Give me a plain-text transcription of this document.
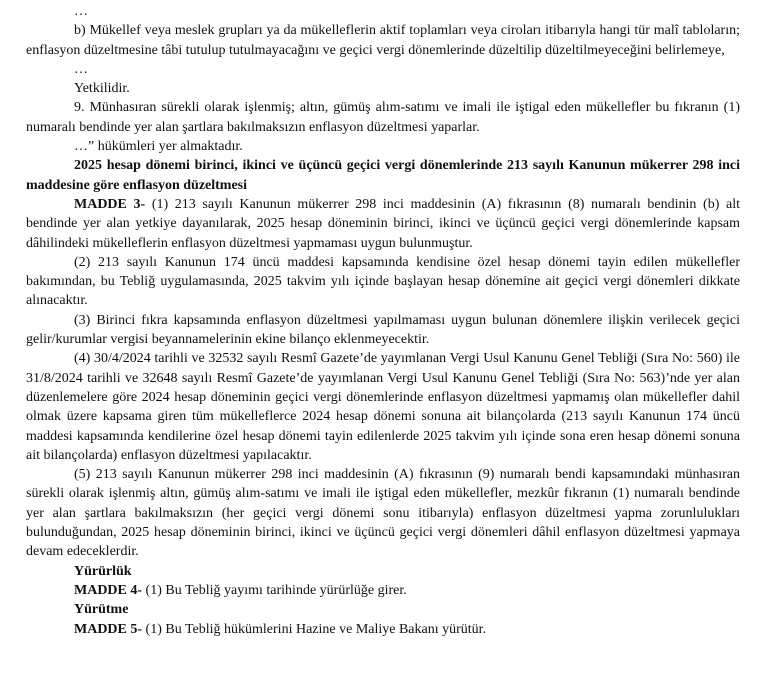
…

b) Mükellef veya meslek grupları ya da mükelleflerin aktif toplamları veya ciroları itibarıyla hangi tür malî tabloların; enflasyon düzeltmesine tâbi tutulup tutulmayacağını ve geçici vergi dönemlerinde düzeltilip düzeltilmeyeceğini belirlemeye,

…

Yetkilidir.

9. Münhasıran sürekli olarak işlenmiş; altın, gümüş alım-satımı ve imali ile iştigal eden mükellefler bu fıkranın (1) numaralı bendinde yer alan şartlara bakılmaksızın enflasyon düzeltmesi yaparlar.

…” hükümleri yer almaktadır.

2025 hesap dönemi birinci, ikinci ve üçüncü geçici vergi dönemlerinde 213 sayılı Kanunun mükerrer 298 inci maddesine göre enflasyon düzeltmesi

MADDE 3- (1) 213 sayılı Kanunun mükerrer 298 inci maddesinin (A) fıkrasının (8) numaralı bendinin (b) alt bendinde yer alan yetkiye dayanılarak, 2025 hesap döneminin birinci, ikinci ve üçüncü geçici vergi dönemlerinde kapsam dâhilindeki mükelleflerin enflasyon düzeltmesi yapmaması uygun bulunmuştur.

(2) 213 sayılı Kanunun 174 üncü maddesi kapsamında kendisine özel hesap dönemi tayin edilen mükellefler bakımından, bu Tebliğ uygulamasında, 2025 takvim yılı içinde başlayan hesap dönemine ait geçici vergi dönemleri dikkate alınacaktır.

(3) Birinci fıkra kapsamında enflasyon düzeltmesi yapılmaması uygun bulunan dönemlere ilişkin verilecek geçici gelir/kurumlar vergisi beyannamelerinin ekine bilanço eklenmeyecektir.

(4) 30/4/2024 tarihli ve 32532 sayılı Resmî Gazete’de yayımlanan Vergi Usul Kanunu Genel Tebliği (Sıra No: 560) ile 31/8/2024 tarihli ve 32648 sayılı Resmî Gazete’de yayımlanan Vergi Usul Kanunu Genel Tebliği (Sıra No: 563)’nde yer alan düzenlemelere göre 2024 hesap döneminin geçici vergi dönemlerinde enflasyon düzeltmesi yapmamış olan mükellefler dahil olmak üzere kapsama giren tüm mükelleflerce 2024 hesap dönemi sonuna ait bilançolarda (213 sayılı Kanunun 174 üncü maddesi kapsamında kendilerine özel hesap dönemi tayin edilenlerde 2025 takvim yılı içinde sona eren hesap dönemi sonuna ait bilançolarda) enflasyon düzeltmesi yapılacaktır.

(5) 213 sayılı Kanunun mükerrer 298 inci maddesinin (A) fıkrasının (9) numaralı bendi kapsamındaki münhasıran sürekli olarak işlenmiş altın, gümüş alım-satımı ve imali ile iştigal eden mükellefler, mezkûr fıkranın (1) numaralı bendinde yer alan şartlara bakılmaksızın (her geçici vergi dönemi sonu itibarıyla) enflasyon düzeltmesi yapma zorunlulukları bulunduğundan, 2025 hesap döneminin birinci, ikinci ve üçüncü geçici vergi dönemleri dâhil enflasyon düzeltmesi yapmaya devam edeceklerdir.

Yürürlük

MADDE 4- (1) Bu Tebliğ yayımı tarihinde yürürlüğe girer.

Yürütme

MADDE 5- (1) Bu Tebliğ hükümlerini Hazine ve Maliye Bakanı yürütür.
